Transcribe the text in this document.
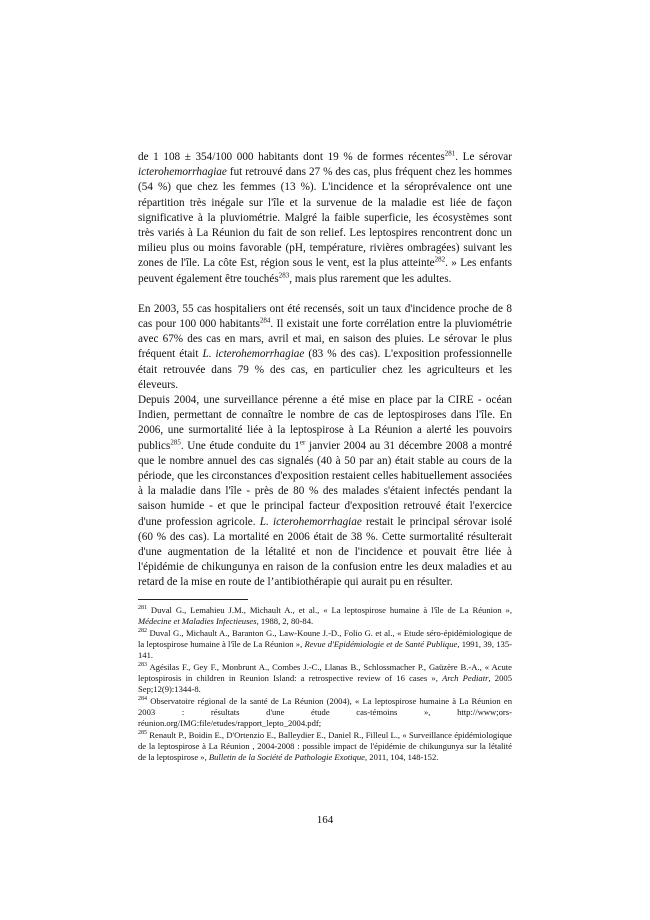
de 1 108 ± 354/100 000 habitants dont 19 % de formes récentes$^{281}$. Le sérovar icterohemorrhagiae fut retrouvé dans 27 % des cas, plus fréquent chez les hommes (54 %) que chez les femmes (13 %). L'incidence et la séroprévalence ont une répartition très inégale sur l'île et la survenue de la maladie est liée de façon significative à la pluviométrie. Malgré la faible superficie, les écosystèmes sont très variés à La Réunion du fait de son relief. Les leptospires rencontrent donc un milieu plus ou moins favorable (pH, température, rivières ombragées) suivant les zones de l'île. La côte Est, région sous le vent, est la plus atteinte$^{282}$. » Les enfants peuvent également être touchés$^{283}$, mais plus rarement que les adultes.

En 2003, 55 cas hospitaliers ont été recensés, soit un taux d'incidence proche de 8 cas pour 100 000 habitants$^{284}$. Il existait une forte corrélation entre la pluviométrie avec 67% des cas en mars, avril et mai, en saison des pluies. Le sérovar le plus fréquent était L. icterohemorrhagiae (83 % des cas). L'exposition professionnelle était retrouvée dans 79 % des cas, en particulier chez les agriculteurs et les éleveurs.

Depuis 2004, une surveillance pérenne a été mise en place par la CIRE - océan Indien, permettant de connaître le nombre de cas de leptospiroses dans l'île. En 2006, une surmortalité liée à la leptospirose à La Réunion a alerté les pouvoirs publics$^{285}$. Une étude conduite du 1er janvier 2004 au 31 décembre 2008 a montré que le nombre annuel des cas signalés (40 à 50 par an) était stable au cours de la période, que les circonstances d'exposition restaient celles habituellement associées à la maladie dans l'île - près de 80 % des malades s'étaient infectés pendant la saison humide - et que le principal facteur d'exposition retrouvé était l'exercice d'une profession agricole. L. icterohemorrhagiae restait le principal sérovar isolé (60 % des cas). La mortalité en 2006 était de 38 %. Cette surmortalité résulterait d'une augmentation de la létalité et non de l'incidence et pouvait être liée à l'épidémie de chikungunya en raison de la confusion entre les deux maladies et au retard de la mise en route de l’antibiothérapie qui aurait pu en résulter.

$^{281}$ Duval G., Lemahieu J.M., Michault A., et al., « La leptospirose humaine à l'île de La Réunion », Médecine et Maladies Infectieuses, 1988, 2, 80-84.

$^{282}$ Duval G., Michault A., Baranton G., Law-Koune J.-D., Folio G. et al., « Etude séro-épidémiologique de la leptospirose humaine à l'île de La Réunion », Revue d'Epidémiologie et de Santé Publique, 1991, 39, 135-141.

$^{283}$ Agésilas F., Gey F., Monbrunt A., Combes J.-C., Llanas B., Schlossmacher P., Gaüzère B.-A., « Acute leptospirosis in children in Reunion Island: a retrospective review of 16 cases », Arch Pediatr, 2005 Sep;12(9):1344-8.

$^{284}$ Observatoire régional de la santé de La Réunion (2004), « La leptospirose humaine à La Réunion en 2003 : résultats d'une étude cas-témoins », http://www;ors-réunion.org/IMG:file/etudes/rapport_lepto_2004.pdf;

$^{285}$ Renault P., Boidin E., D'Ortenzio E., Balleydier E., Daniel R., Filleul L., « Surveillance épidémiologique de la leptospirose à La Réunion , 2004-2008 : possible impact de l'épidémie de chikungunya sur la létalité de la leptospirose », Bulletin de la Société de Pathologie Exotique, 2011, 104, 148-152.

164
